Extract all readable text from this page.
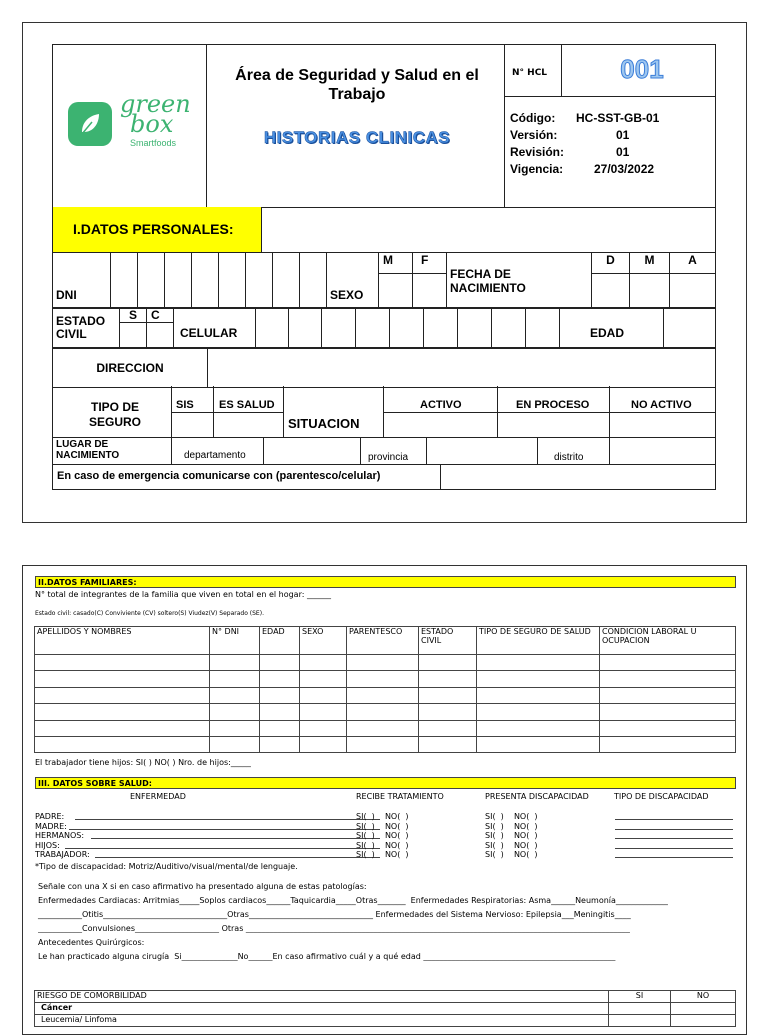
green
box
Smartfoods
Área de Seguridad y Salud en el Trabajo
HISTORIAS CLINICAS
N° HCL	001
Código: HC-SST-GB-01
Versión:	01
Revisión:	01
Vigencia:	27/03/2022
I.DATOS PERSONALES:
DNI									SEXO	
M	F
	FECHA DE NACIMIENTO	
D	M	A
ESTADO CIVIL	
S	C
	CELULAR										EDAD	
DIRECCION	
TIPO DE SEGURO
SIS ES SALUD
SITUACION
ACTIVO	EN PROCESO	NO ACTIVO
LUGAR DE NACIMIENTO	departamento	provincia	distrito
En caso de emergencia comunicarse con (parentesco/celular)
II.DATOS FAMILIARES:
N° total de integrantes de la familia que viven en total en el hogar: ______
Estado civil: casado(C) Conviviente (CV) soltero(S) Viudez(V) Separado (SE).
APELLIDOS Y NOMBRES	N° DNI	EDAD	SEXO	PARENTESCO	ESTADO CIVIL	TIPO DE SEGURO DE SALUD	CONDICION LABORAL U OCUPACION

El trabajador tiene hijos: SI( ) NO( ) Nro. de hijos:_____
III. DATOS SOBRE SALUD:
ENFERMEDAD	RECIBE TRATAMIENTO	PRESENTA DISCAPACIDAD	TIPO DE DISCAPACIDAD
PADRE:	SI(  )    NO(  )	SI(  )    NO(  )
MADRE:	SI(  )    NO(  )	SI(  )    NO(  )
HERMANOS:	SI(  )    NO(  )	SI(  )    NO(  )
HIJOS:	SI(  )    NO(  )	SI(  )    NO(  )
TRABAJADOR:	SI(  )    NO(  )	SI(  )    NO(  )
*Tipo de discapacidad: Motriz/Auditivo/visual/mental/de lenguaje.
Señale con una X si en caso afirmativo ha presentado alguna de estas patologías:
Enfermedades Cardiacas: Arritmias_____Soplos cardiacos______Taquicardia_____Otras_______  Enfermedades Respiratorias: Asma______Neumonía_____________
___________Otitis_______________________________Otras_______________________________ Enfermedades del Sistema Nervioso: Epilepsia___Meningitis____
___________Convulsiones_____________________ Otras ________________________________________________________________________________________________
Antecedentes Quirúrgicos:
Le han practicado alguna cirugía  Si______________No______En caso afirmativo cuál y a qué edad ________________________________________________
RIESGO DE COMORBILIDAD	SI	NO
Cáncer		
Leucemia/ Linfoma		
